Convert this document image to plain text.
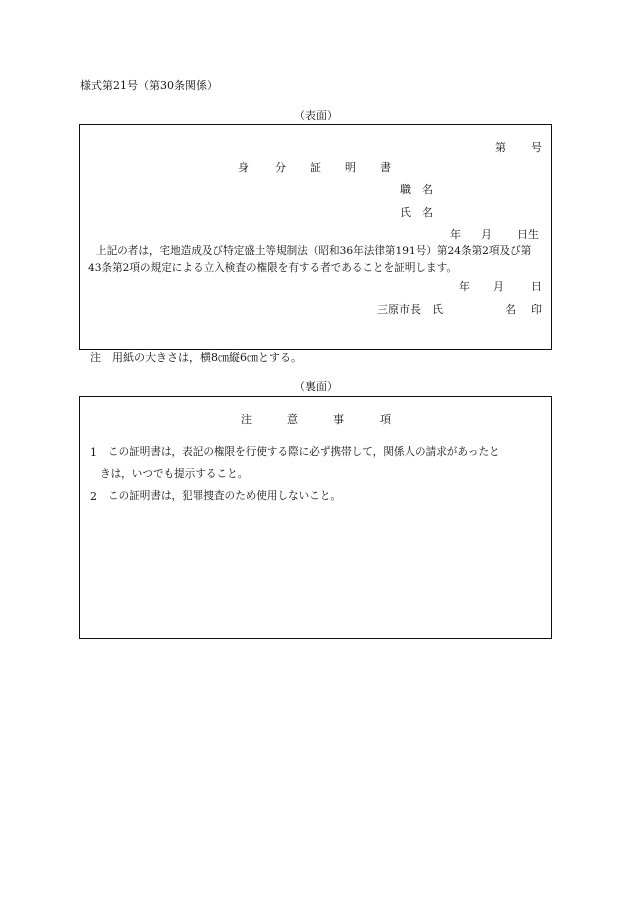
様式第21号（第30条関係）
（表面）
第 号
身 分 証 明 書
職　名
氏　名
年 月 日生
上記の者は，宅地造成及び特定盛土等規制法（昭和36年法律第191号）第24条第2項及び第
43条第2項の規定による立入検査の権限を有する者であることを証明します。
年 月 日
三原市長　氏	名 印
注　用紙の大きさは，横8㎝縦6㎝とする。
（裏面）
注	意	事	項
1 この証明書は，表記の権限を行使する際に必ず携帯して，関係人の請求があったと
きは，いつでも提示すること。
2 この証明書は，犯罪捜査のため使用しないこと。
